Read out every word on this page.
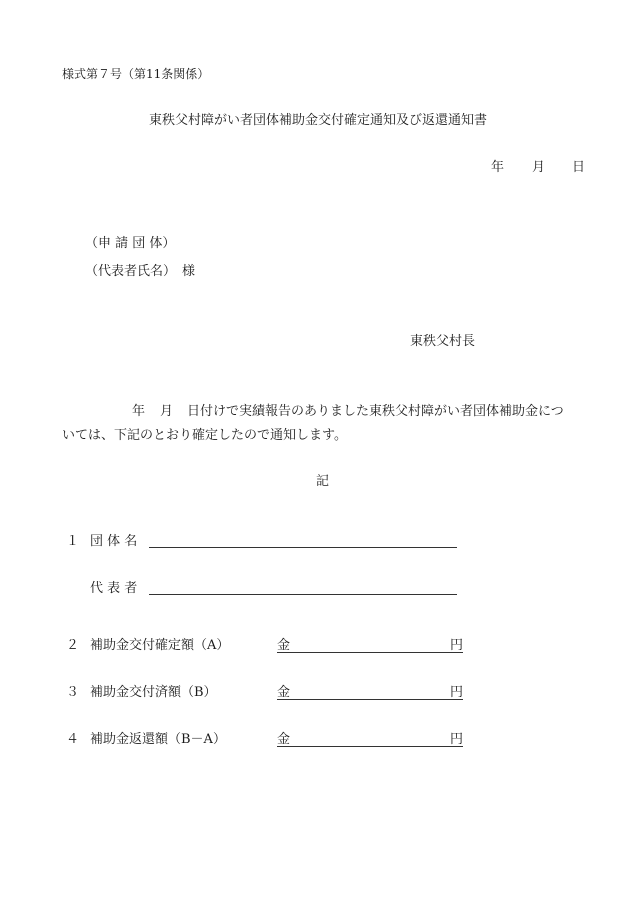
様式第７号（第11条関係）
東秩父村障がい者団体補助金交付確定通知及び返還通知書
年 月 日
（申 請 団 体）
（代表者氏名） 様
東秩父村長
年 月 日付けで実績報告のありました東秩父村障がい者団体補助金につ
いては、下記のとおり確定したので通知します。
記
１ 団 体 名
代 表 者
２ 補助金交付確定額（A）	金	円
３ 補助金交付済額（B）	金	円
４ 補助金返還額（B－A）	金	円
